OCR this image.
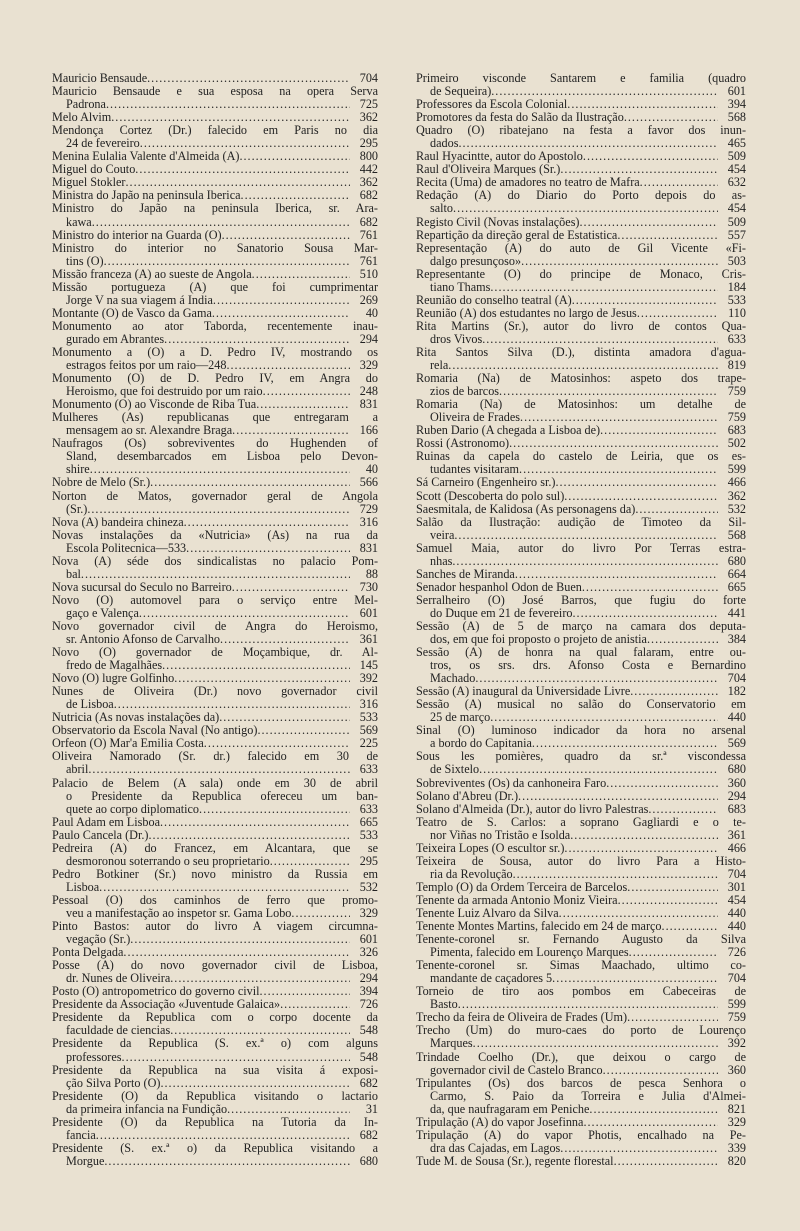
Mauricio Bensaude .....	704
Mauricio Bensaude e sua esposa na opera Serva
Padrona .....	725
Melo Alvim .....	362
Mendonça Cortez (Dr.) falecido em Paris no dia
24 de fevereiro .....	295
Menina Eulalia Valente d'Almeida (A) .....	800
Miguel do Couto .....	442
Miguel Stokler .....	362
Ministra do Japão na peninsula Iberica .....	682
Ministro do Japão na peninsula Iberica, sr. Ara-
kawa .....	682
Ministro do interior na Guarda (O) .....	761
Ministro do interior no Sanatorio Sousa Mar-
tins (O) .....	761
Missão franceza (A) ao sueste de Angola .....	510
Missão portugueza (A) que foi cumprimentar
Jorge V na sua viagem á India .....	269
Montante (O) de Vasco da Gama .....	40
Monumento ao ator Taborda, recentemente inau-
gurado em Abrantes .....	294
Monumento a (O) a D. Pedro IV, mostrando os
estragos feitos por um raio—248 .....	329
Monumento (O) de D. Pedro IV, em Angra do
Heroismo, que foi destruido por um raio .....	248
Monumento (O) ao Visconde de Riba Tua .....	831
Mulheres (As) republicanas que entregaram a
mensagem ao sr. Alexandre Braga .....	166
Naufragos (Os) sobreviventes do Hughenden of
Sland, desembarcados em Lisboa pelo Devon-
shire .....	40
Nobre de Melo (Sr.) .....	566
Norton de Matos, governador geral de Angola
(Sr.) .....	729
Nova (A) bandeira chineza .....	316
Novas instalações da «Nutricia» (As) na rua da
Escola Politecnica—533 .....	831
Nova (A) séde dos sindicalistas no palacio Pom-
bal .....	88
Nova sucursal do Seculo no Barreiro .....	730
Novo (O) automovel para o serviço entre Mel-
gaço e Valença .....	601
Novo governador civil de Angra do Heroismo,
sr. Antonio Afonso de Carvalho .....	361
Novo (O) governador de Moçambique, dr. Al-
fredo de Magalhães .....	145
Novo (O) lugre Golfinho .....	392
Nunes de Oliveira (Dr.) novo governador civil
de Lisboa .....	316
Nutricia (As novas instalações da) .....	533
Observatorio da Escola Naval (No antigo) .....	569
Orfeon (O) Mar'a Emilia Costa .....	225
Oliveira Namorado (Sr. dr.) falecido em 30 de
abril .....	633
Palacio de Belem (A sala) onde em 30 de abril
o Presidente da Republica ofereceu um ban-
quete ao corpo diplomatico .....	633
Paul Adam em Lisboa .....	665
Paulo Cancela (Dr.) .....	533
Pedreira (A) do Francez, em Alcantara, que se
desmoronou soterrando o seu proprietario .....	295
Pedro Botkiner (Sr.) novo ministro da Russia em
Lisboa .....	532
Pessoal (O) dos caminhos de ferro que promo-
veu a manifestação ao inspetor sr. Gama Lobo .....	329
Pinto Bastos: autor do livro A viagem circumna-
vegação (Sr.) .....	601
Ponta Delgada .....	326
Posse (A) do novo governador civil de Lisboa,
dr. Nunes de Oliveira .....	294
Posto (O) antropometrico do governo civil .....	394
Presidente da Associação «Juventude Galaica» .....	726
Presidente da Republica com o corpo docente da
faculdade de ciencias .....	548
Presidente da Republica (S. ex.ª o) com alguns
professores .....	548
Presidente da Republica na sua visita á exposi-
ção Silva Porto (O) .....	682
Presidente (O) da Republica visitando o lactario
da primeira infancia na Fundição .....	31
Presidente (O) da Republica na Tutoria da In-
fancia .....	682
Presidente (S. ex.ª o) da Republica visitando a
Morgue .....	680
Primeiro visconde Santarem e familia (quadro
de Sequeira) .....	601
Professores da Escola Colonial .....	394
Promotores da festa do Salão da Ilustração .....	568
Quadro (O) ribatejano na festa a favor dos inun-
dados .....	465
Raul Hyacintte, autor do Apostolo .....	509
Raul d'Oliveira Marques (Sr.) .....	454
Recita (Uma) de amadores no teatro de Mafra .....	632
Redação (A) do Diario do Porto depois do as-
salto .....	454
Registo Civil (Novas instalações) .....	509
Repartição da direção geral de Estatistica .....	557
Representação (A) do auto de Gil Vicente «Fi-
dalgo presunçoso» .....	503
Representante (O) do principe de Monaco, Cris-
tiano Thams .....	184
Reunião do conselho teatral (A) .....	533
Reunião (A) dos estudantes no largo de Jesus .....	110
Rita Martins (Sr.), autor do livro de contos Qua-
dros Vivos .....	633
Rita Santos Silva (D.), distinta amadora d'agua-
rela .....	819
Romaria (Na) de Matosinhos: aspeto dos trape-
zios de barcos .....	759
Romaria (Na) de Matosinhos: um detalhe de
Oliveira de Frades .....	759
Ruben Dario (A chegada a Lisboa de) .....	683
Rossi (Astronomo) .....	502
Ruinas da capela do castelo de Leiria, que os es-
tudantes visitaram .....	599
Sá Carneiro (Engenheiro sr.) .....	466
Scott (Descoberta do polo sul) .....	362
Saesmitala, de Kalidosa (As personagens da) .....	532
Salão da Ilustração: audição de Timoteo da Sil-
veira .....	568
Samuel Maia, autor do livro Por Terras estra-
nhas .....	680
Sanches de Miranda .....	664
Senador hespanhol Odon de Buen .....	665
Serralheiro (O) José Barros, que fugiu do forte
do Duque em 21 de fevereiro .....	441
Sessão (A) de 5 de março na camara dos deputa-
dos, em que foi proposto o projeto de anistia .....	384
Sessão (A) de honra na qual falaram, entre ou-
tros, os srs. drs. Afonso Costa e Bernardino
Machado .....	704
Sessão (A) inaugural da Universidade Livre .....	182
Sessão (A) musical no salão do Conservatorio em
25 de março .....	440
Sinal (O) luminoso indicador da hora no arsenal
a bordo do Capitania .....	569
Sous les pomières, quadro da sr.ª viscondessa
de Sixtelo .....	680
Sobreviventes (Os) da canhoneira Faro .....	360
Solano d'Abreu (Dr.) .....	294
Solano d'Almeida (Dr.), autor do livro Palestras .....	683
Teatro de S. Carlos: a soprano Gagliardi e o te-
nor Viñas no Tristão e Isolda .....	361
Teixeira Lopes (O escultor sr.) .....	466
Teixeira de Sousa, autor do livro Para a Histo-
ria da Revolução .....	704
Templo (O) da Ordem Terceira de Barcelos .....	301
Tenente da armada Antonio Moniz Vieira .....	454
Tenente Luiz Alvaro da Silva .....	440
Tenente Montes Martins, falecido em 24 de março .....	440
Tenente-coronel sr. Fernando Augusto da Silva
Pimenta, falecido em Lourenço Marques .....	726
Tenente-coronel sr. Simas Maachado, ultimo co-
mandante de caçadores 5 .....	704
Torneio de tiro aos pombos em Cabeceiras de
Basto .....	599
Trecho da feira de Oliveira de Frades (Um) .....	759
Trecho (Um) do muro-caes do porto de Lourenço
Marques .....	392
Trindade Coelho (Dr.), que deixou o cargo de
governador civil de Castelo Branco .....	360
Tripulantes (Os) dos barcos de pesca Senhora o
Carmo, S. Paio da Torreira e Julia d'Almei-
da, que naufragaram em Peniche .....	821
Tripulação (A) do vapor Josefinna .....	329
Tripulação (A) do vapor Photis, encalhado na Pe-
dra das Cajadas, em Lagos .....	339
Tude M. de Sousa (Sr.), regente florestal .....	820
